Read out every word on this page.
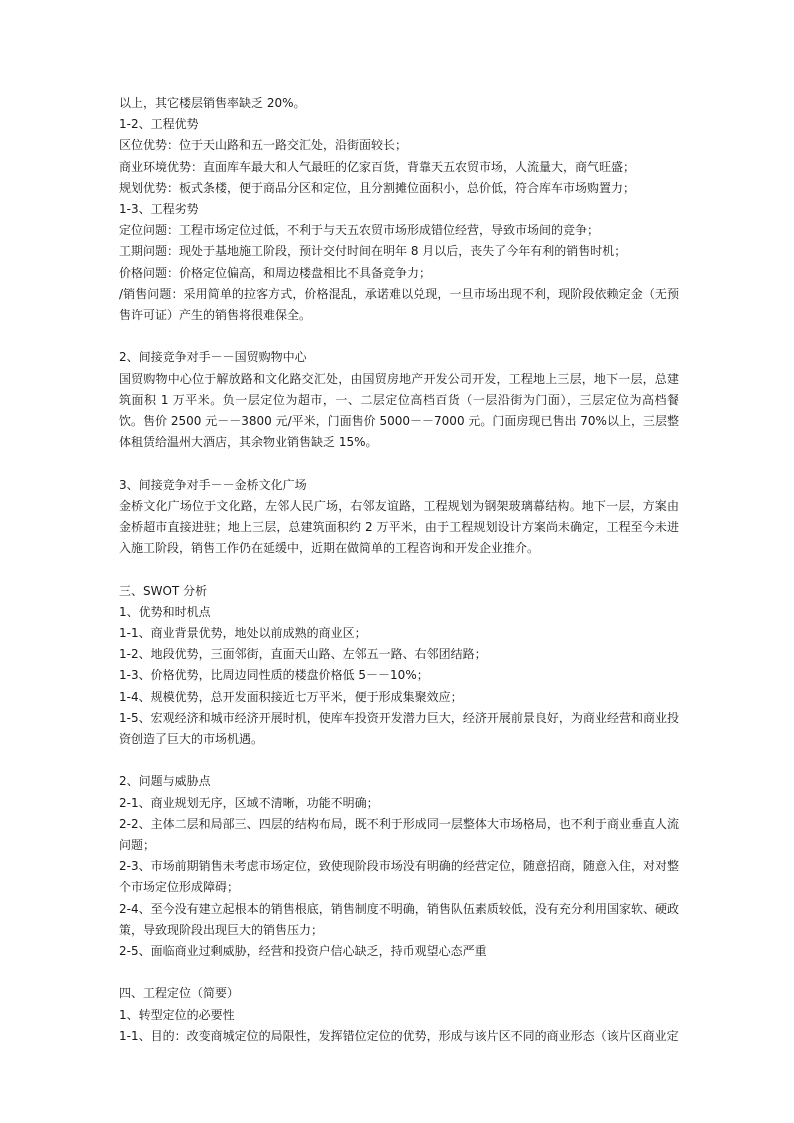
以上，其它楼层销售率缺乏 20%。

1-2、工程优势

区位优势：位于天山路和五一路交汇处，沿街面较长；

商业环境优势：直面库车最大和人气最旺的亿家百货，背靠天五农贸市场，人流量大，商气旺盛；

规划优势：板式条楼，便于商品分区和定位，且分割摊位面积小，总价低，符合库车市场购置力；

1-3、工程劣势

定位问题：工程市场定位过低，不利于与天五农贸市场形成错位经营，导致市场间的竞争；

工期问题：现处于基地施工阶段，预计交付时间在明年 8 月以后，丧失了今年有利的销售时机；

价格问题：价格定位偏高，和周边楼盘相比不具备竞争力；

/销售问题：采用简单的拉客方式，价格混乱，承诺难以兑现，一旦市场出现不利，现阶段依赖定金（无预售许可证）产生的销售将很难保全。

2、间接竞争对手－－国贸购物中心

国贸购物中心位于解放路和文化路交汇处，由国贸房地产开发公司开发，工程地上三层，地下一层，总建筑面积 1 万平米。负一层定位为超市，一、二层定位高档百货（一层沿街为门面），三层定位为高档餐饮。售价 2500 元－－3800 元/平米，门面售价 5000－－7000 元。门面房现已售出 70%以上，三层整体租赁给温州大酒店，其余物业销售缺乏 15%。

3、间接竞争对手－－金桥文化广场

金桥文化广场位于文化路，左邻人民广场，右邻友谊路，工程规划为钢架玻璃幕结构。地下一层，方案由金桥超市直接进驻；地上三层，总建筑面积约 2 万平米，由于工程规划设计方案尚未确定，工程至今未进入施工阶段，销售工作仍在延缓中，近期在做简单的工程咨询和开发企业推介。

三、SWOT 分析

1、优势和时机点

1-1、商业背景优势，地处以前成熟的商业区；

1-2、地段优势，三面邻街，直面天山路、左邻五一路、右邻团结路；

1-3、价格优势，比周边同性质的楼盘价格低 5－－10%；

1-4、规模优势，总开发面积接近七万平米，便于形成集聚效应；

1-5、宏观经济和城市经济开展时机，使库车投资开发潜力巨大，经济开展前景良好，为商业经营和商业投资创造了巨大的市场机遇。

2、问题与威胁点

2-1、商业规划无序，区域不清晰，功能不明确；

2-2、主体二层和局部三、四层的结构布局，既不利于形成同一层整体大市场格局，也不利于商业垂直人流问题；

2-3、市场前期销售未考虑市场定位，致使现阶段市场没有明确的经营定位，随意招商，随意入住，对对整个市场定位形成障碍；

2-4、至今没有建立起根本的销售根底，销售制度不明确，销售队伍素质较低，没有充分利用国家软、硬政策，导致现阶段出现巨大的销售压力；

2-5、面临商业过剩威胁，经营和投资户信心缺乏，持币观望心态严重

四、工程定位（简要）

1、转型定位的必要性

1-1、目的：改变商城定位的局限性，发挥错位定位的优势，形成与该片区不同的商业形态（该片区商业定
